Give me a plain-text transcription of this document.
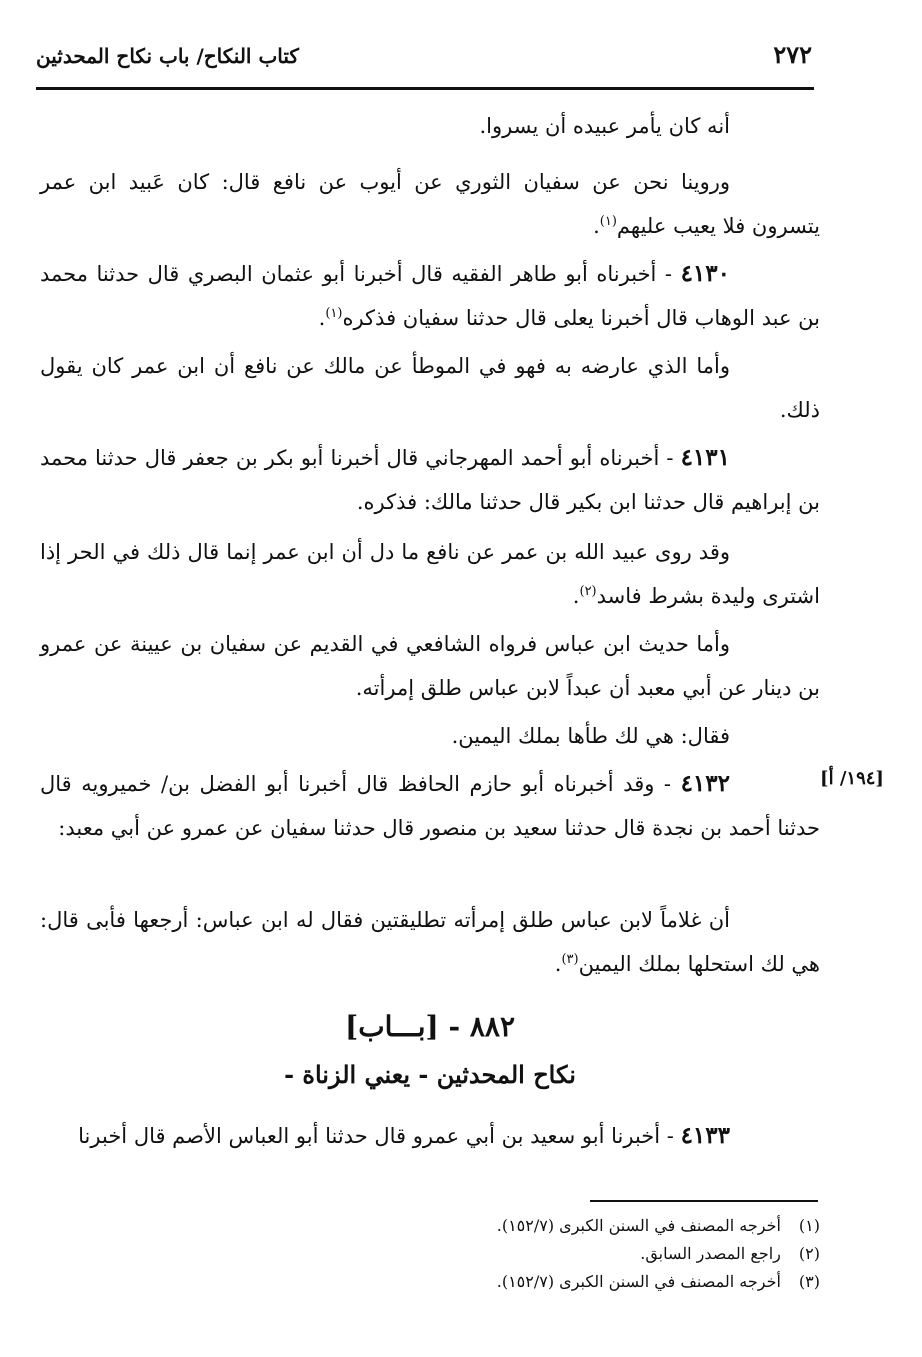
٢٧٢
كتاب النكاح/ باب نكاح المحدثين

أنه كان يأمر عبيده أن يسروا.

وروينا نحن عن سفيان الثوري عن أيوب عن نافع قال: كان عَبيد ابن عمر يتسرون فلا يعيب عليهم$^{(١)}$.

٤١٣٠ - أخبرناه أبو طاهر الفقيه قال أخبرنا أبو عثمان البصري قال حدثنا محمد بن عبد الوهاب قال أخبرنا يعلى قال حدثنا سفيان فذكره$^{(١)}$.

وأما الذي عارضه به فهو في الموطأ عن مالك عن نافع أن ابن عمر كان يقول ذلك.

٤١٣١ - أخبرناه أبو أحمد المهرجاني قال أخبرنا أبو بكر بن جعفر قال حدثنا محمد بن إبراهيم قال حدثنا ابن بكير قال حدثنا مالك: فذكره.

وقد روى عبيد الله بن عمر عن نافع ما دل أن ابن عمر إنما قال ذلك في الحر إذا اشترى وليدة بشرط فاسد$^{(٢)}$.

وأما حديث ابن عباس فرواه الشافعي في القديم عن سفيان بن عيينة عن عمرو بن دينار عن أبي معبد أن عبداً لابن عباس طلق إمرأته.

فقال: هي لك طأها بملك اليمين.

[١٩٤/ أ]

٤١٣٢ - وقد أخبرناه أبو حازم الحافظ قال أخبرنا أبو الفضل بن/ خميرويه قال حدثنا أحمد بن نجدة قال حدثنا سعيد بن منصور قال حدثنا سفيان عن عمرو عن أبي معبد:

أن غلاماً لابن عباس طلق إمرأته تطليقتين فقال له ابن عباس: أرجعها فأبى قال: هي لك استحلها بملك اليمين$^{(٣)}$.

٨٨٢ - [بـــاب]
نكاح المحدثين - يعني الزناة -

٤١٣٣ - أخبرنا أبو سعيد بن أبي عمرو قال حدثنا أبو العباس الأصم قال أخبرنا

(١) أخرجه المصنف في السنن الكبرى (١٥٢/٧).

(٢) راجع المصدر السابق.

(٣) أخرجه المصنف في السنن الكبرى (١٥٢/٧).
